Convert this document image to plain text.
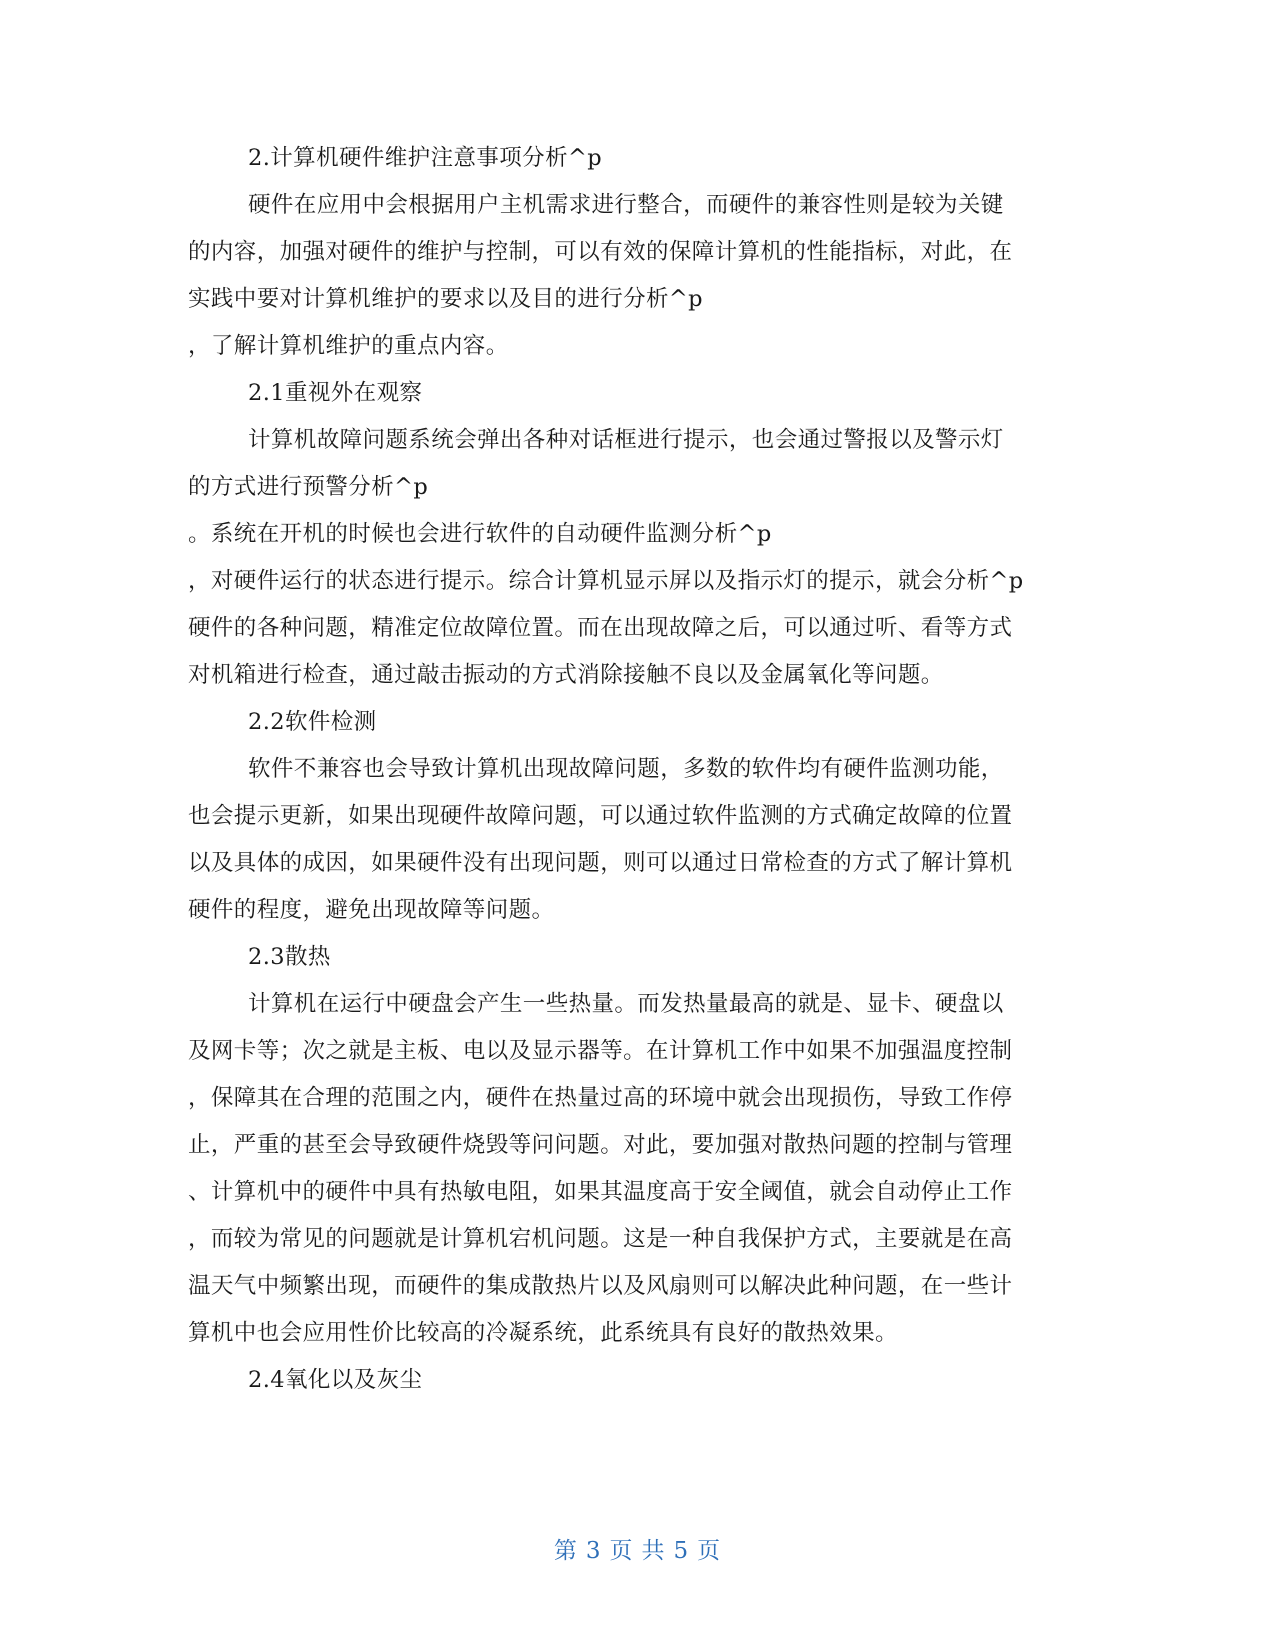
2.计算机硬件维护注意事项分析^p
硬件在应用中会根据用户主机需求进行整合，而硬件的兼容性则是较为关键
的内容，加强对硬件的维护与控制，可以有效的保障计算机的性能指标，对此，在
实践中要对计算机维护的要求以及目的进行分析^p
，了解计算机维护的重点内容。
2.1重视外在观察
计算机故障问题系统会弹出各种对话框进行提示，也会通过警报以及警示灯
的方式进行预警分析^p
。系统在开机的时候也会进行软件的自动硬件监测分析^p
，对硬件运行的状态进行提示。综合计算机显示屏以及指示灯的提示，就会分析^p
硬件的各种问题，精准定位故障位置。而在出现故障之后，可以通过听、看等方式
对机箱进行检查，通过敲击振动的方式消除接触不良以及金属氧化等问题。
2.2软件检测
软件不兼容也会导致计算机出现故障问题，多数的软件均有硬件监测功能，
也会提示更新，如果出现硬件故障问题，可以通过软件监测的方式确定故障的位置
以及具体的成因，如果硬件没有出现问题，则可以通过日常检查的方式了解计算机
硬件的程度，避免出现故障等问题。
2.3散热
计算机在运行中硬盘会产生一些热量。而发热量最高的就是、显卡、硬盘以
及网卡等；次之就是主板、电以及显示器等。在计算机工作中如果不加强温度控制
，保障其在合理的范围之内，硬件在热量过高的环境中就会出现损伤，导致工作停
止，严重的甚至会导致硬件烧毁等问问题。对此，要加强对散热问题的控制与管理
、计算机中的硬件中具有热敏电阻，如果其温度高于安全阈值，就会自动停止工作
，而较为常见的问题就是计算机宕机问题。这是一种自我保护方式，主要就是在高
温天气中频繁出现，而硬件的集成散热片以及风扇则可以解决此种问题，在一些计
算机中也会应用性价比较高的冷凝系统，此系统具有良好的散热效果。
2.4氧化以及灰尘
第 3 页 共 5 页
